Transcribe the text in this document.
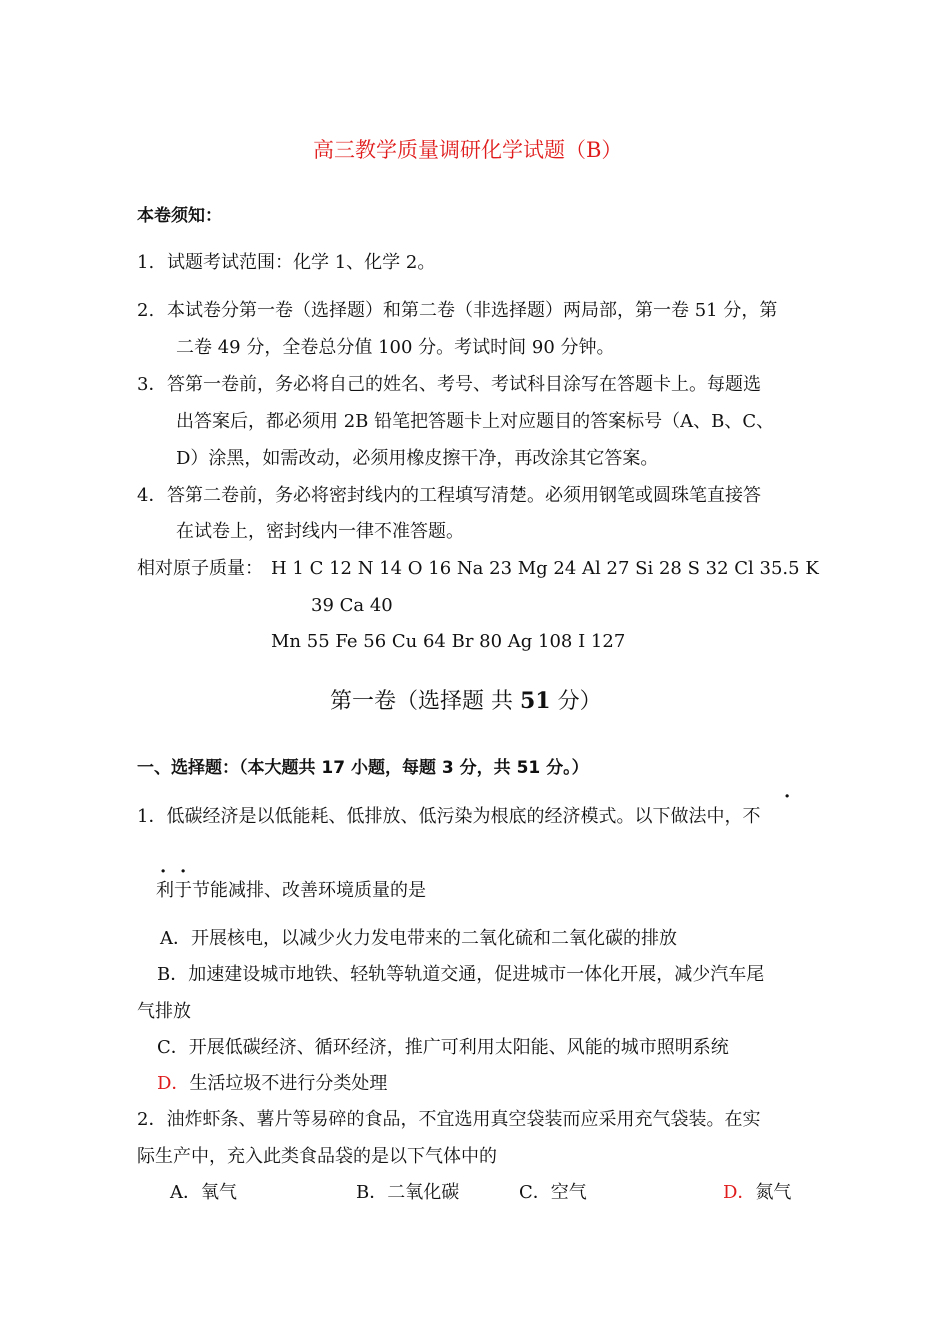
高三教学质量调研化学试题（B）
本卷须知：
1. 试题考试范围：化学 1、化学 2。
2. 本试卷分第一卷（选择题）和第二卷（非选择题）两局部，第一卷 51 分，第
二卷 49 分，全卷总分值 100 分。考试时间 90 分钟。
3． 答第一卷前，务必将自己的姓名、考号、考试科目涂写在答题卡上。每题选
出答案后，都必须用 2B 铅笔把答题卡上对应题目的答案标号（A、B、C、
D）涂黑，如需改动，必须用橡皮擦干净，再改涂其它答案。
4． 答第二卷前，务必将密封线内的工程填写清楚。必须用钢笔或圆珠笔直接答
在试卷上，密封线内一律不准答题。
相对原子质量： H 1 C 12 N 14 O 16 Na 23 Mg 24 Al 27 Si 28 S 32 Cl 35.5 K
39 Ca 40
Mn 55 Fe 56 Cu 64 Br 80 Ag 108 I 127
第一卷（选择题 共 51 分）
一、选择题：（本大题共 17 小题，每题 3 分，共 51 分。）
·
1．低碳经济是以低能耗、低排放、低污染为根底的经济模式。以下做法中，不
· ·
利于节能减排、改善环境质量的是
A．开展核电，以减少火力发电带来的二氧化硫和二氧化碳的排放
B．加速建设城市地铁、轻轨等轨道交通，促进城市一体化开展，减少汽车尾
气排放
C．开展低碳经济、循环经济，推广可利用太阳能、风能的城市照明系统
D．生活垃圾不进行分类处理
2．油炸虾条、薯片等易碎的食品，不宜选用真空袋装而应采用充气袋装。在实
际生产中，充入此类食品袋的是以下气体中的
A．氧气	B．二氧化碳	C．空气	D．氮气
